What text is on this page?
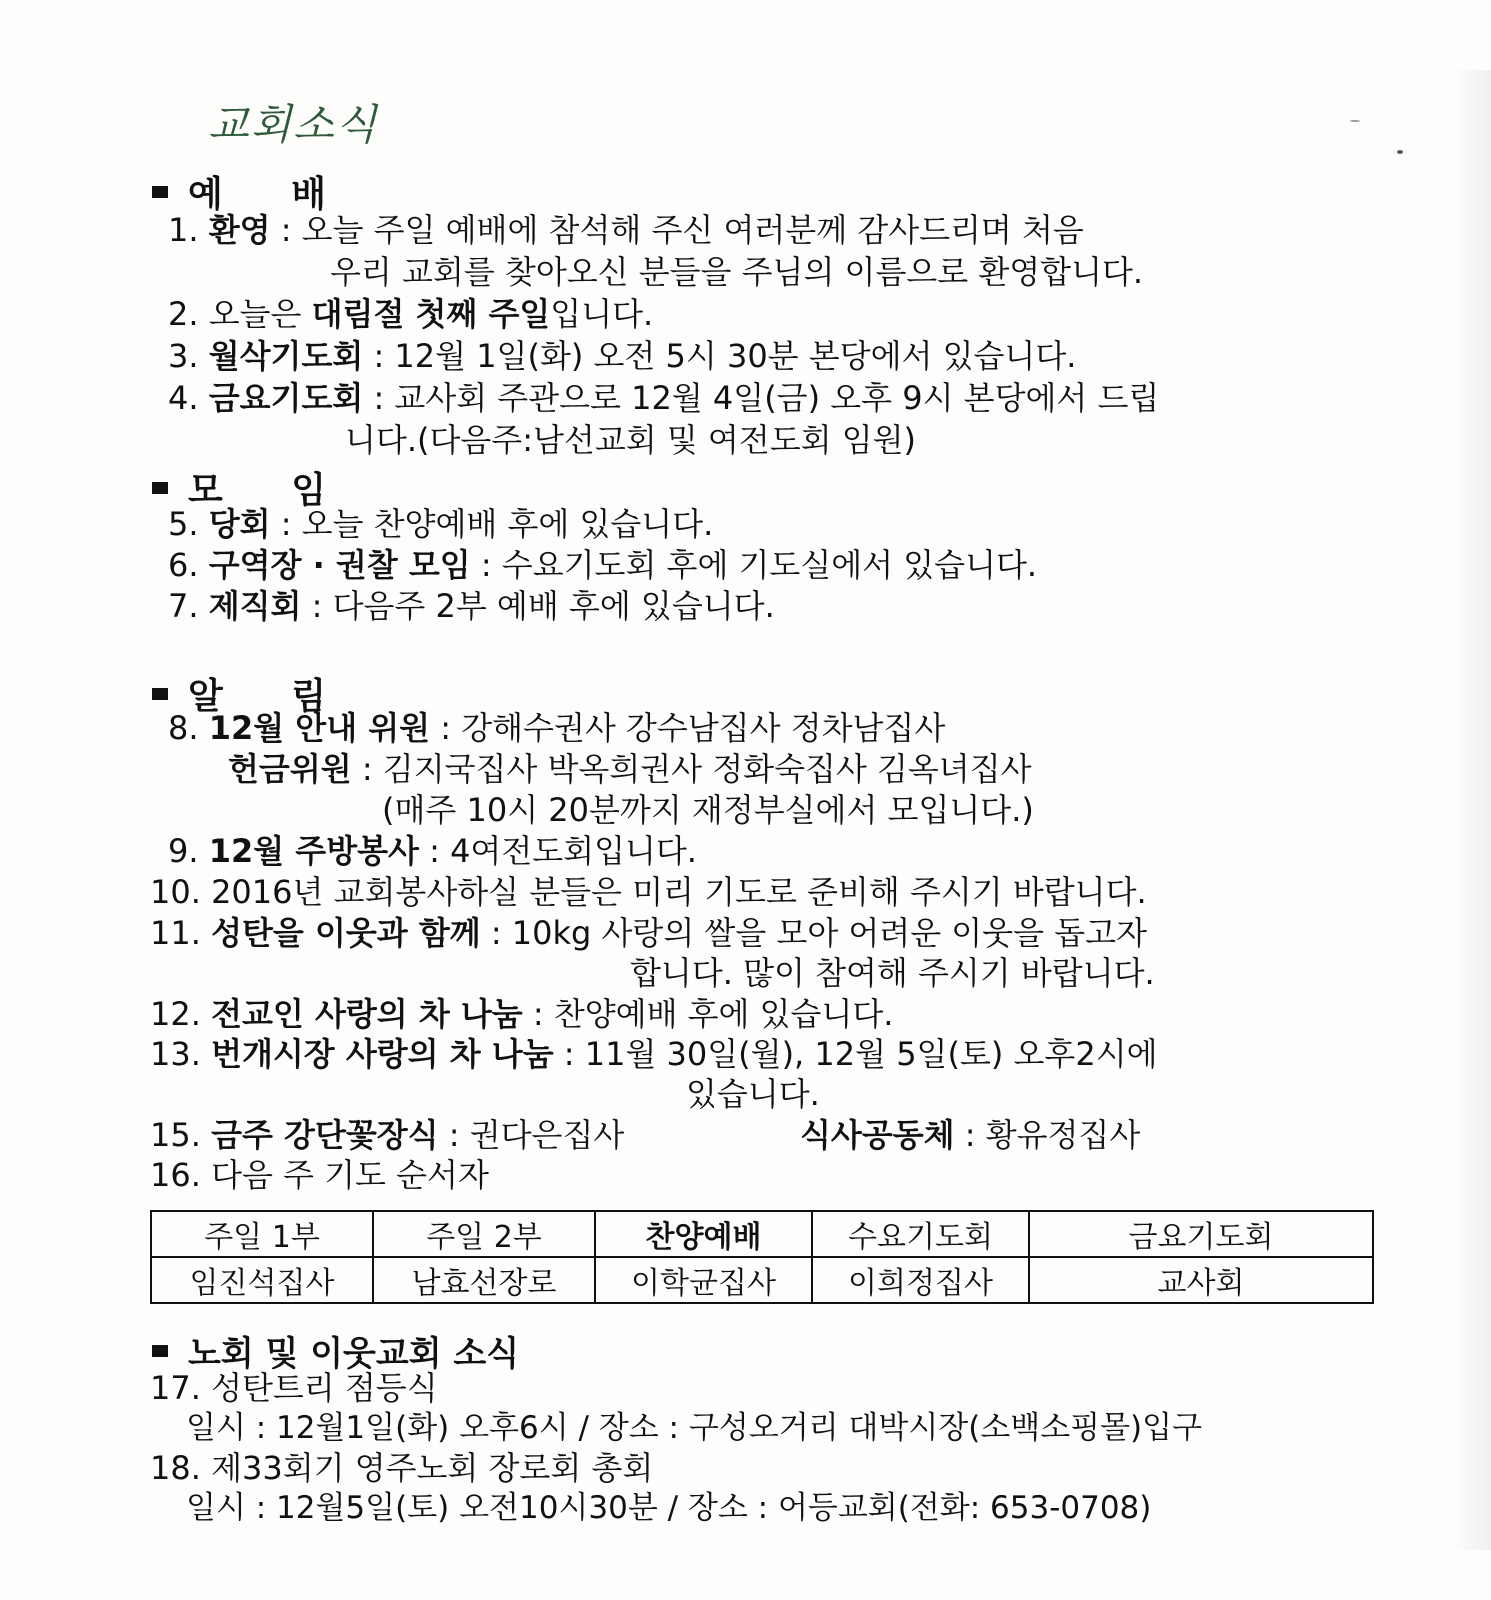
교회소식
예 배
1. 환영 : 오늘 주일 예배에 참석해 주신 여러분께 감사드리며 처음
우리 교회를 찾아오신 분들을 주님의 이름으로 환영합니다.
2. 오늘은 대림절 첫째 주일입니다.
3. 월삭기도회 : 12월 1일(화) 오전 5시 30분 본당에서 있습니다.
4. 금요기도회 : 교사회 주관으로 12월 4일(금) 오후 9시 본당에서 드립
니다.(다음주:남선교회 및 여전도회 임원)
모 임
5. 당회 : 오늘 찬양예배 후에 있습니다.
6. 구역장 · 권찰 모임 : 수요기도회 후에 기도실에서 있습니다.
7. 제직회 : 다음주 2부 예배 후에 있습니다.
알 림
8. 12월 안내 위원 : 강해수권사 강수남집사 정차남집사
헌금위원 : 김지국집사 박옥희권사 정화숙집사 김옥녀집사
(매주 10시 20분까지 재정부실에서 모입니다.)
9. 12월 주방봉사 : 4여전도회입니다.
10. 2016년 교회봉사하실 분들은 미리 기도로 준비해 주시기 바랍니다.
11. 성탄을 이웃과 함께 : 10kg 사랑의 쌀을 모아 어려운 이웃을 돕고자
합니다. 많이 참여해 주시기 바랍니다.
12. 전교인 사랑의 차 나눔 : 찬양예배 후에 있습니다.
13. 번개시장 사랑의 차 나눔 : 11월 30일(월), 12월 5일(토) 오후2시에
있습니다.
15. 금주 강단꽃장식 : 권다은집사	식사공동체 : 황유정집사
16. 다음 주 기도 순서자
주일 1부	주일 2부	찬양예배	수요기도회	금요기도회
임진석집사	남효선장로	이학균집사	이희정집사	교사회
노회 및 이웃교회 소식
17. 성탄트리 점등식
일시 : 12월1일(화) 오후6시 / 장소 : 구성오거리 대박시장(소백소핑몰)입구
18. 제33회기 영주노회 장로회 총회
일시 : 12월5일(토) 오전10시30분 / 장소 : 어등교회(전화: 653-0708)
